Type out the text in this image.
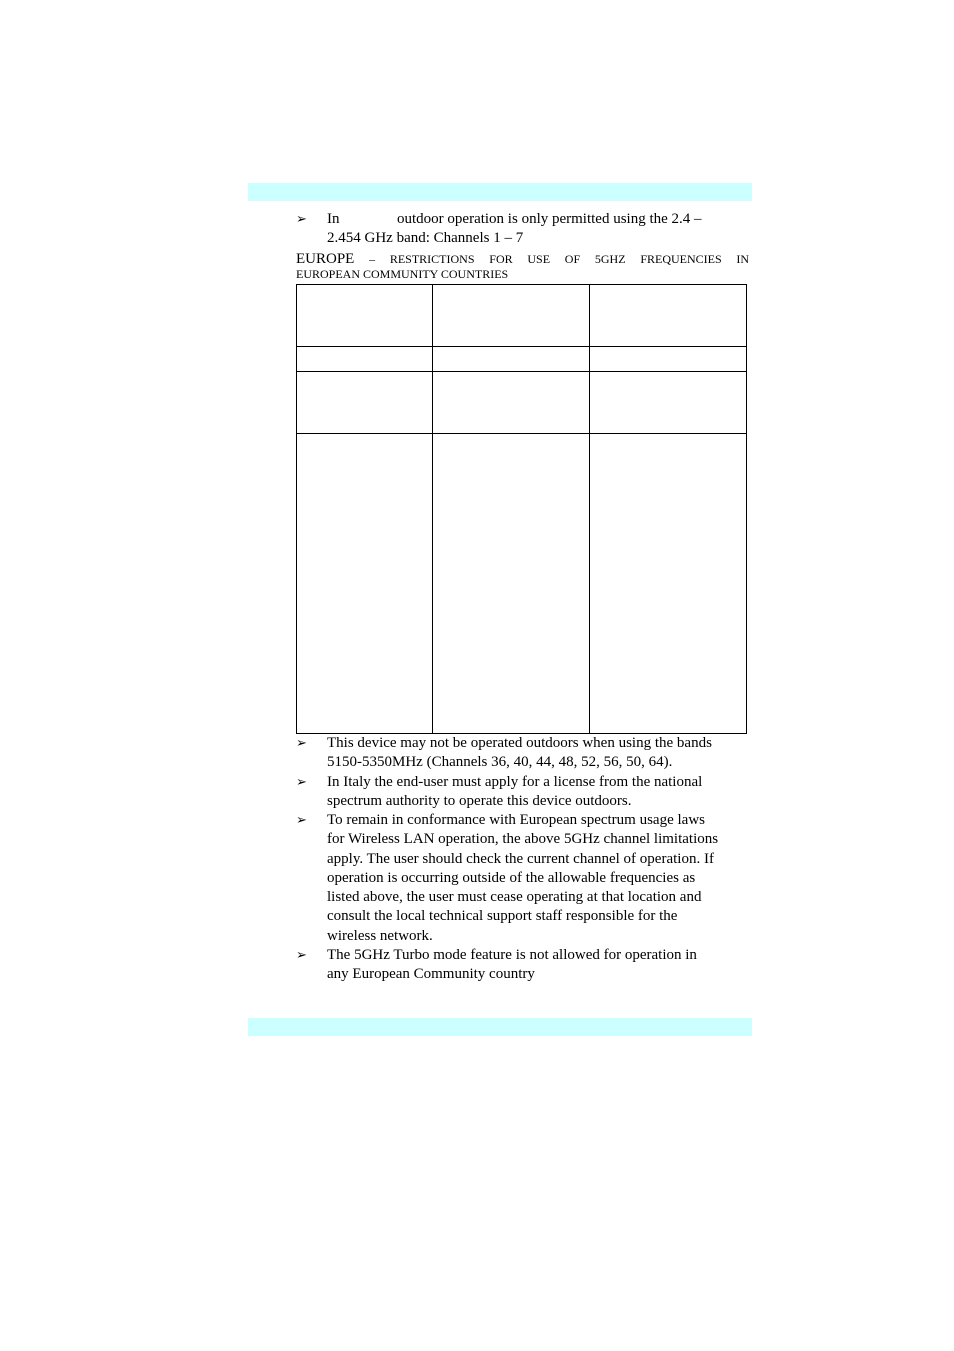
➢	In	outdoor operation is only permitted using the 2.4 –
2.454 GHz band: Channels 1 – 7
EUROPE – RESTRICTIONS FOR USE OF 5GHZ FREQUENCIES IN
EUROPEAN COMMUNITY COUNTRIES

➢	This device may not be operated outdoors when using the bands
5150-5350MHz (Channels 36, 40, 44, 48, 52, 56, 50, 64).
➢	In Italy the end-user must apply for a license from the national
spectrum authority to operate this device outdoors.
➢	To remain in conformance with European spectrum usage laws
for Wireless LAN operation, the above 5GHz channel limitations
apply. The user should check the current channel of operation. If
operation is occurring outside of the allowable frequencies as
listed above, the user must cease operating at that location and
consult the local technical support staff responsible for the
wireless network.
➢	The 5GHz Turbo mode feature is not allowed for operation in
any European Community country
